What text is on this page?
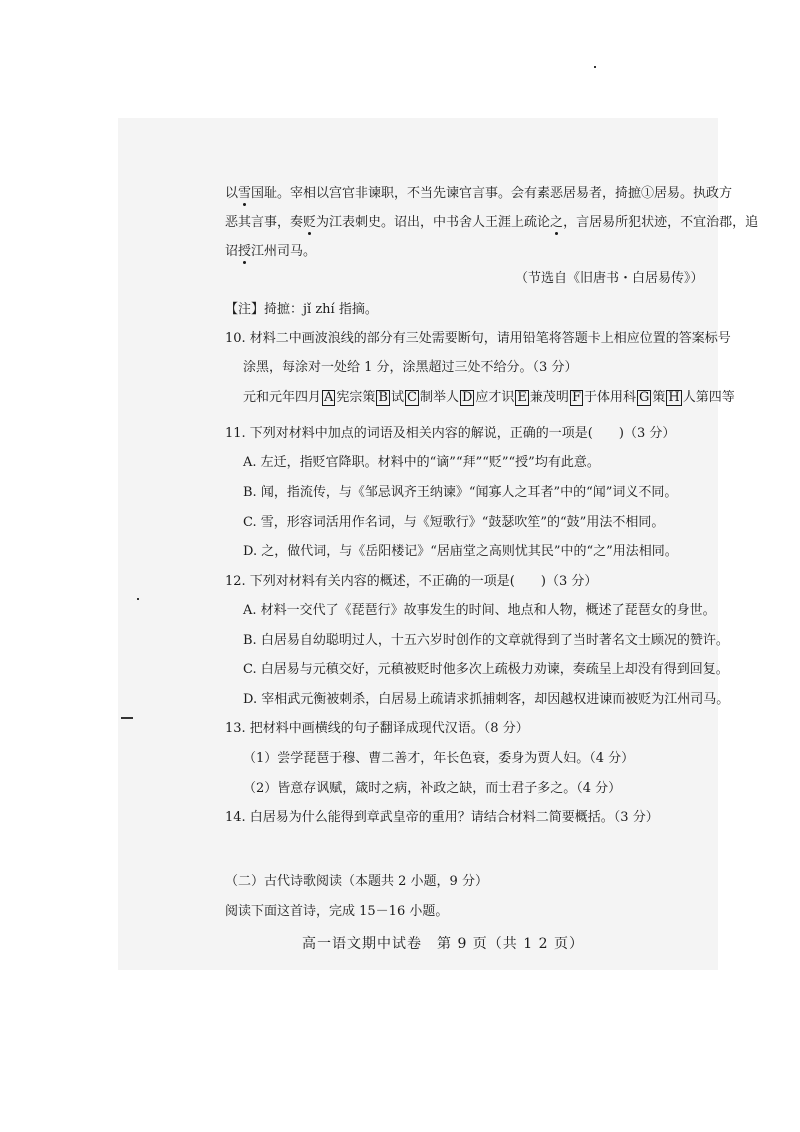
以雪国耻。宰相以宫官非谏职，不当先谏官言事。会有素恶居易者，掎摭①居易。执政方
恶其言事，奏贬为江表刺史。诏出，中书舍人王涯上疏论之，言居易所犯状迹，不宜治郡，追
诏授江州司马。
（节选自《旧唐书・白居易传》）
【注】掎摭：jǐ zhí 指摘。
10. 材料二中画波浪线的部分有三处需要断句，请用铅笔将答题卡上相应位置的答案标号
涂黑，每涂对一处给 1 分，涂黑超过三处不给分。（3 分）
元和元年四月 A 宪宗策 B 试 C 制举人 D 应才识 E 兼茂明 F 于体用科 G 策 H 人第四等
11. 下列对材料中加点的词语及相关内容的解说，正确的一项是(　　)（3 分）
A. 左迁，指贬官降职。材料中的“谪”“拜”“贬”“授”均有此意。
B. 闻，指流传，与《邹忌讽齐王纳谏》“闻寡人之耳者”中的“闻”词义不同。
C. 雪，形容词活用作名词，与《短歌行》“鼓瑟吹笙”的“鼓”用法不相同。
D. 之，做代词，与《岳阳楼记》“居庙堂之高则忧其民”中的“之”用法相同。
12. 下列对材料有关内容的概述，不正确的一项是(　　)（3 分）
A. 材料一交代了《琵琶行》故事发生的时间、地点和人物，概述了琵琶女的身世。
B. 白居易自幼聪明过人，十五六岁时创作的文章就得到了当时著名文士顾况的赞许。
C. 白居易与元稹交好，元稹被贬时他多次上疏极力劝谏，奏疏呈上却没有得到回复。
D. 宰相武元衡被刺杀，白居易上疏请求抓捕刺客，却因越权进谏而被贬为江州司马。
13. 把材料中画横线的句子翻译成现代汉语。（8 分）
（1）尝学琵琶于穆、曹二善才，年长色衰，委身为贾人妇。（4 分）
（2）皆意存讽赋，箴时之病，补政之缺，而士君子多之。（4 分）
14. 白居易为什么能得到章武皇帝的重用？请结合材料二简要概括。（3 分）
（二）古代诗歌阅读（本题共 2 小题，9 分）
阅读下面这首诗，完成 15－16 小题。
高一语文期中试卷　第 9 页（共 1 2 页）
